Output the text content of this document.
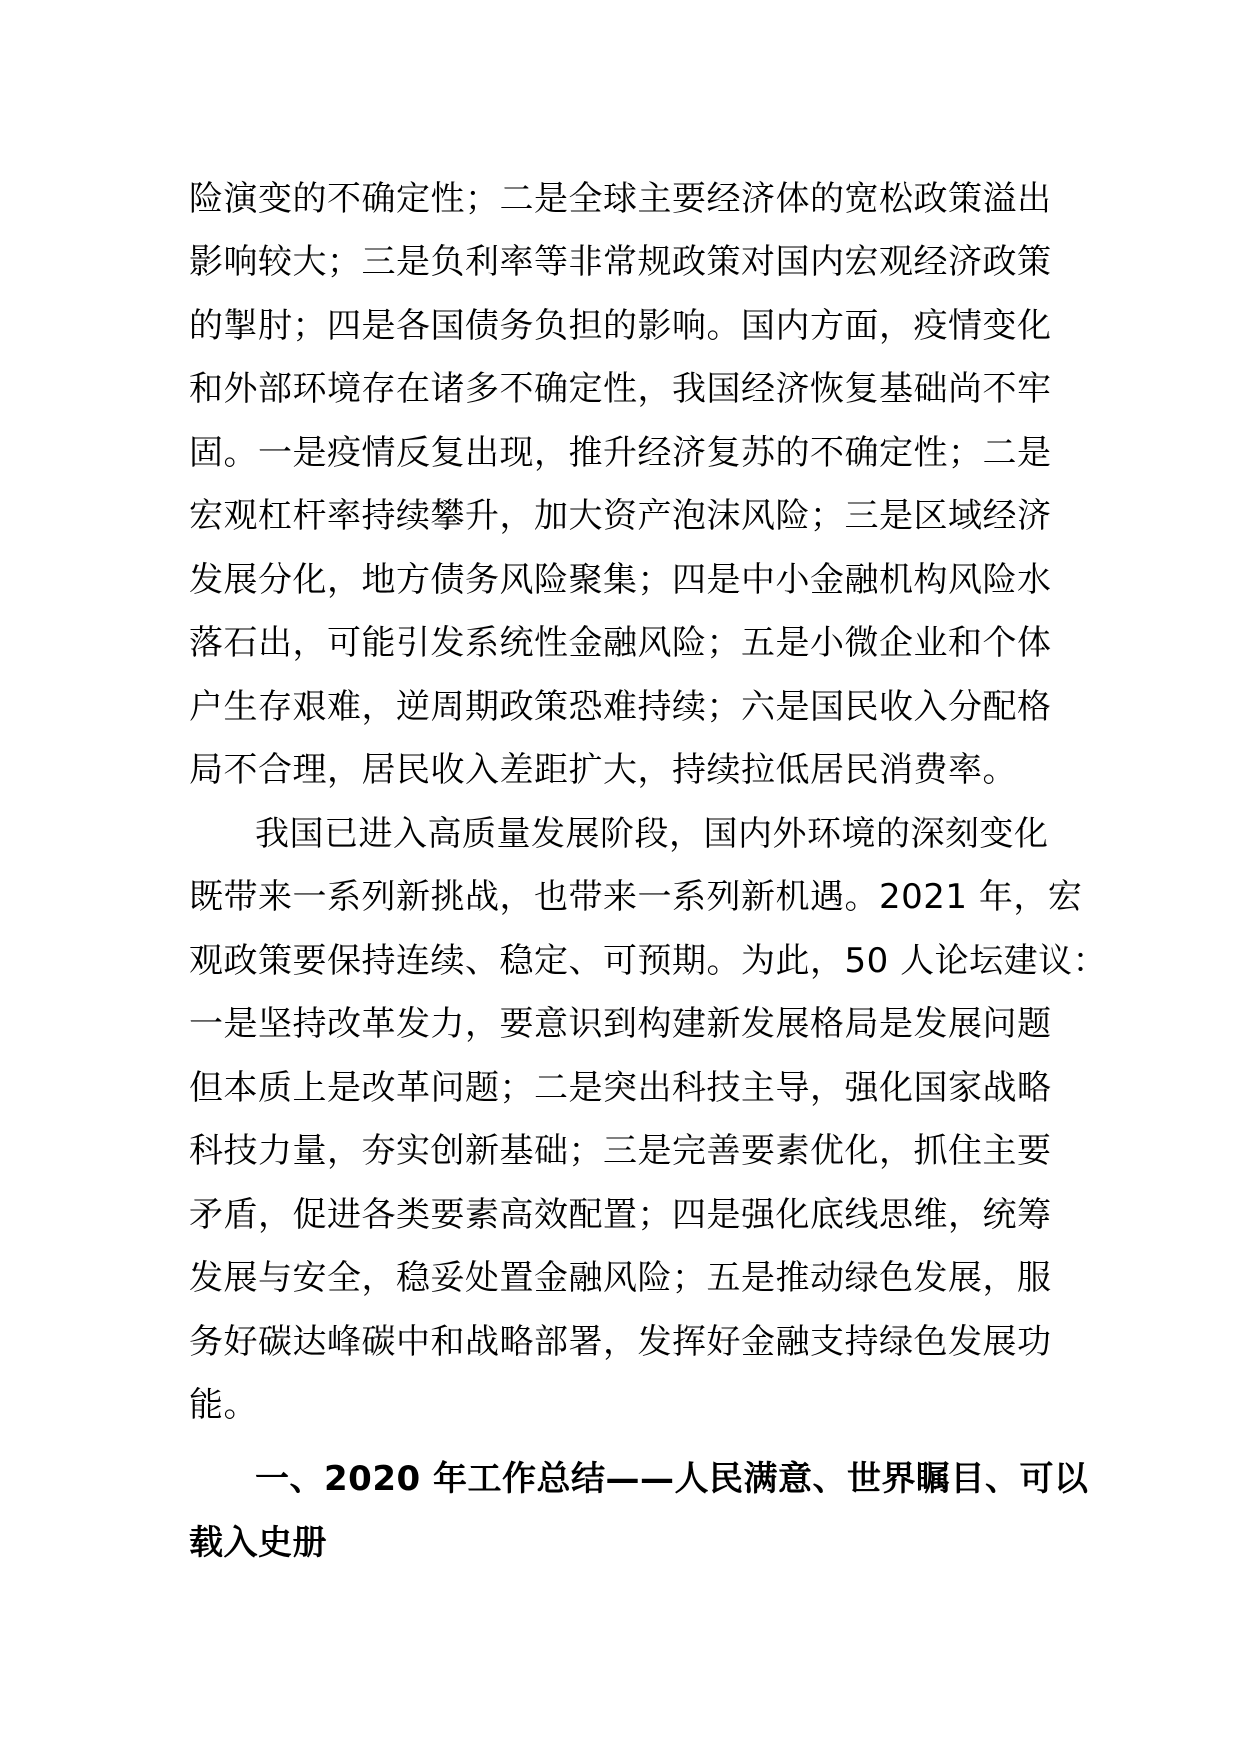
险演变的不确定性；二是全球主要经济体的宽松政策溢出
影响较大；三是负利率等非常规政策对国内宏观经济政策
的掣肘；四是各国债务负担的影响。国内方面，疫情变化
和外部环境存在诸多不确定性，我国经济恢复基础尚不牢
固。一是疫情反复出现，推升经济复苏的不确定性；二是
宏观杠杆率持续攀升，加大资产泡沫风险；三是区域经济
发展分化，地方债务风险聚集；四是中小金融机构风险水
落石出，可能引发系统性金融风险；五是小微企业和个体
户生存艰难，逆周期政策恐难持续；六是国民收入分配格
局不合理，居民收入差距扩大，持续拉低居民消费率。
我国已进入高质量发展阶段，国内外环境的深刻变化
既带来一系列新挑战，也带来一系列新机遇。2021 年，宏
观政策要保持连续、稳定、可预期。为此，50 人论坛建议：
一是坚持改革发力，要意识到构建新发展格局是发展问题
但本质上是改革问题；二是突出科技主导，强化国家战略
科技力量，夯实创新基础；三是完善要素优化，抓住主要
矛盾，促进各类要素高效配置；四是强化底线思维，统筹
发展与安全，稳妥处置金融风险；五是推动绿色发展，服
务好碳达峰碳中和战略部署，发挥好金融支持绿色发展功
能。
一、2020 年工作总结——人民满意、世界瞩目、可以
载入史册
